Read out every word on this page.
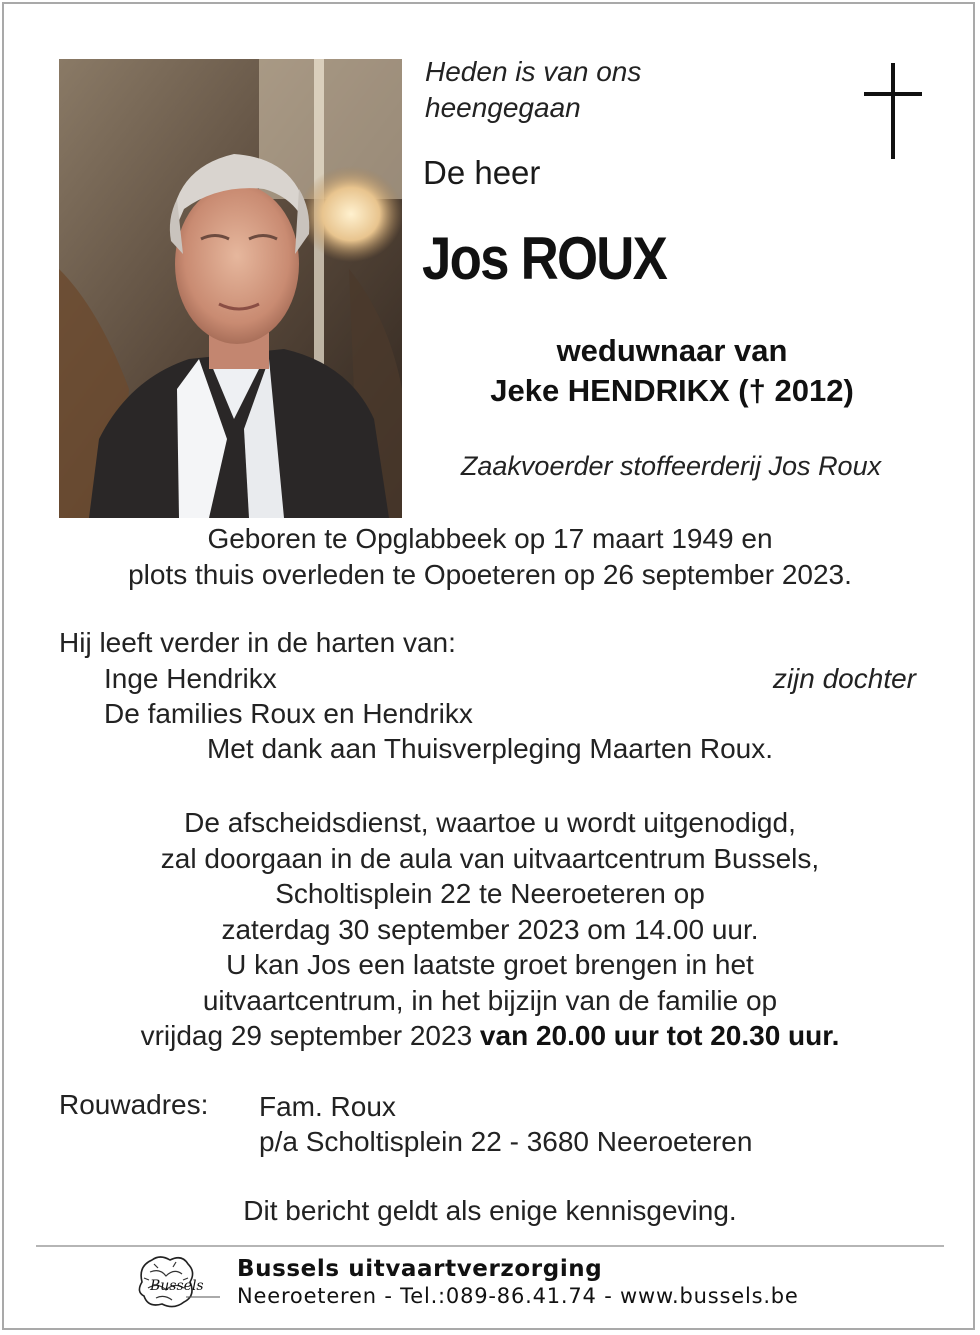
Heden is van ons
heengegaan
De heer
Jos ROUX
weduwnaar van
Jeke HENDRIKX († 2012)
Zaakvoerder stoffeerderij Jos Roux
Geboren te Opglabbeek op 17 maart 1949 en
plots thuis overleden te Opoeteren op 26 september 2023.
Hij leeft verder in de harten van:
Inge Hendrikx	zijn dochter
De families Roux en Hendrikx
Met dank aan Thuisverpleging Maarten Roux.
De afscheidsdienst, waartoe u wordt uitgenodigd,
zal doorgaan in de aula van uitvaartcentrum Bussels,
Scholtisplein 22 te Neeroeteren op
zaterdag 30 september 2023 om 14.00 uur.
U kan Jos een laatste groet brengen in het
uitvaartcentrum, in het bijzijn van de familie op
vrijdag 29 september 2023 van 20.00 uur tot 20.30 uur.
Rouwadres: Fam. Roux
p/a Scholtisplein 22 - 3680 Neeroeteren
Dit bericht geldt als enige kennisgeving.
Bussels
Bussels uitvaartverzorging
Neeroeteren - Tel.:089-86.41.74 - www.bussels.be
